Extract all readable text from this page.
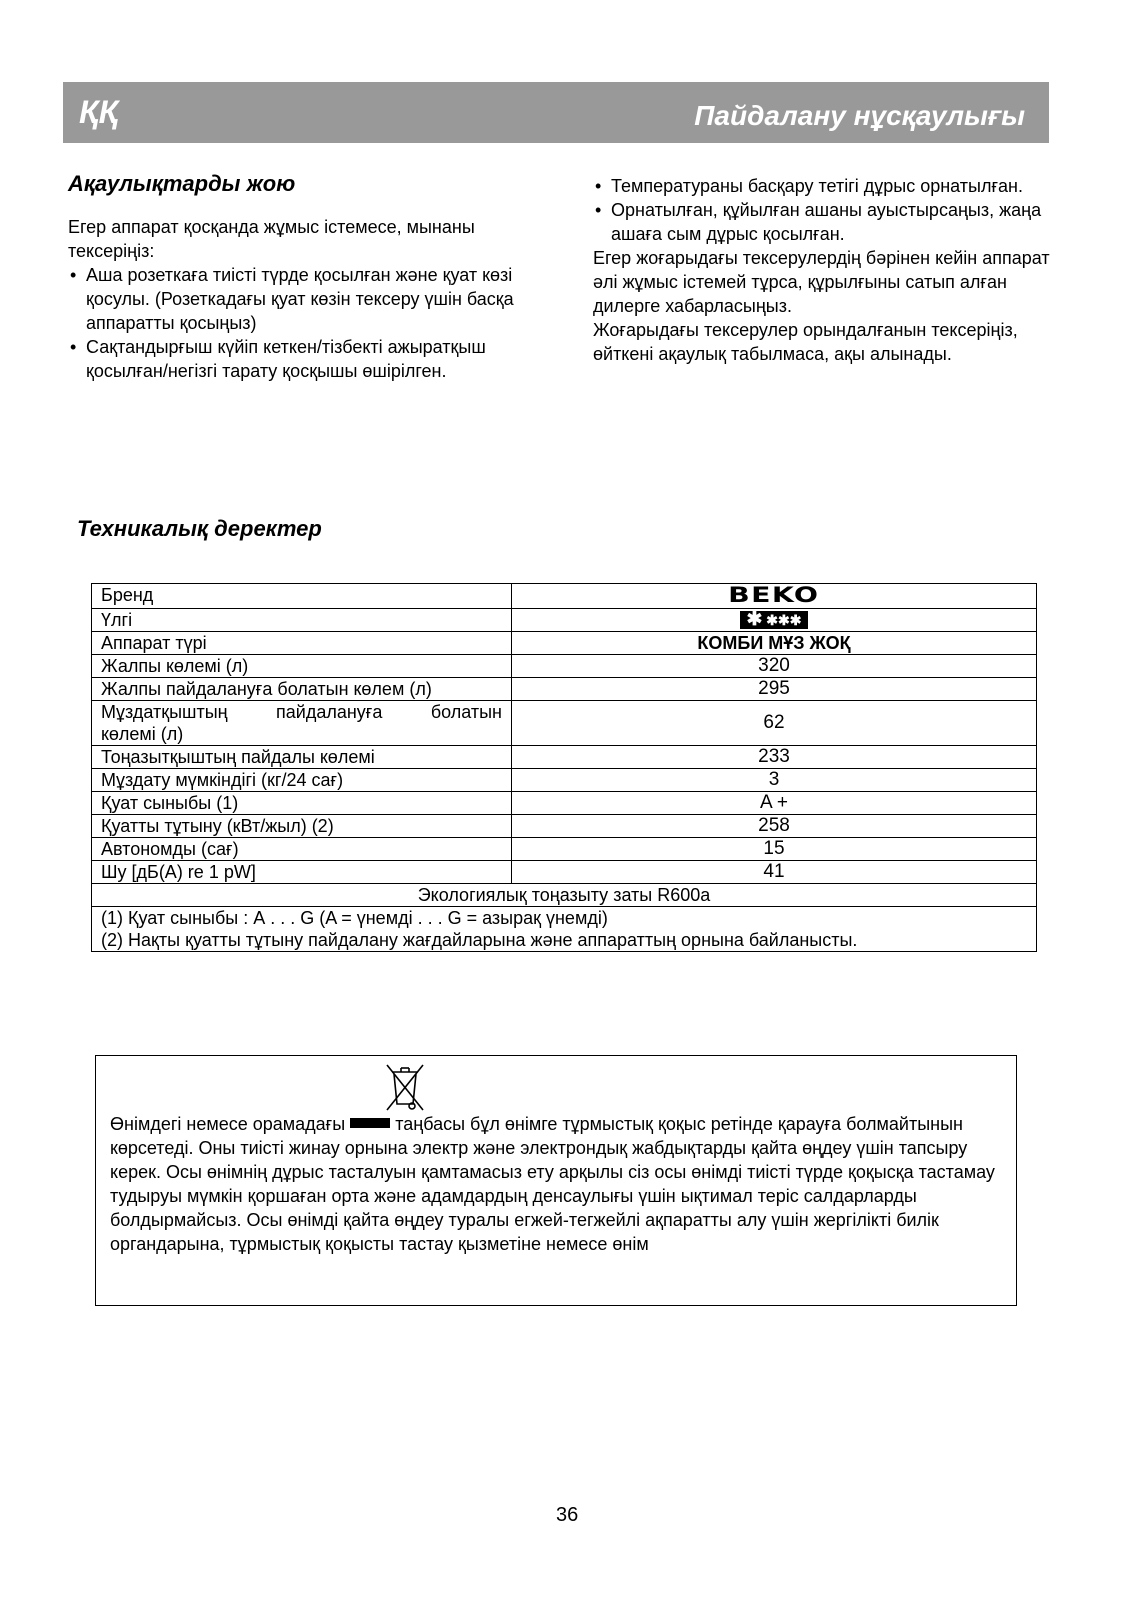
ҚҚ	Пайдалану нұсқаулығы
Ақаулықтарды жою

Егер аппарат қосқанда жұмыс істемесе, мынаны тексеріңіз:

• Аша розеткаға тиісті түрде қосылған және қуат көзі қосулы. (Розеткадағы қуат көзін тексеру үшін басқа аппаратты қосыңыз)
• Сақтандырғыш күйіп кеткен/тізбекті ажыратқыш қосылған/негізгі тарату қосқышы өшірілген.
• Температураны басқару тетігі дұрыс орнатылған.
• Орнатылған, құйылған ашаны ауыстырсаңыз, жаңа ашаға сым дұрыс қосылған.

Егер жоғарыдағы тексерулердің бәрінен кейін аппарат әлі жұмыс істемей тұрса, құрылғыны сатып алған дилерге хабарласыңыз.

Жоғарыдағы тексерулер орындалғанын тексеріңіз, өйткені ақаулық табылмаса, ақы алынады.

Техникалық деректер
Бренд	BEKO
Үлгі	✱ ✱✱✱
Аппарат түрі	КОМБИ МҰЗ ЖОҚ
Жалпы көлемі (л)	320
Жалпы пайдалануға болатын көлем (л)	295

Мұздатқыштың пайдалануға болатын
көлемі (л)	62
Тоңазытқыштың пайдалы көлемі	233
Мұздату мүмкіндігі (кг/24 сағ)	3
Қуат сыныбы (1)	A +
Қуатты тұтыну (кВт/жыл) (2)	258
Автономды (сағ)	15
Шу [дБ(A) re 1 pW]	41
Экологиялық тоңазыту заты R600a	

(1) Қуат сыныбы : А . . . G (A = үнемді . . . G = азырақ үнемді)
(2) Нақты қуатты тұтыну пайдалану жағдайларына және аппараттың орнына байланысты.	
Өнімдегі немесе орамадағы	таңбасы бұл өнімге тұрмыстық қоқыс ретінде қарауға болмайтынын көрсетеді. Оны тиісті жинау орнына электр және электрондық жабдықтарды қайта өңдеу үшін тапсыру керек. Осы өнімнің дұрыс тасталуын қамтамасыз ету арқылы сіз осы өнімді тиісті түрде қоқысқа тастамау тудыруы мүмкін қоршаған орта және адамдардың денсаулығы үшін ықтимал теріс салдарларды болдырмайсыз. Осы өнімді қайта өңдеу туралы егжей-тегжейлі ақпаратты алу үшін жергілікті билік органдарына, тұрмыстық қоқысты тастау қызметіне немесе өнім
36
